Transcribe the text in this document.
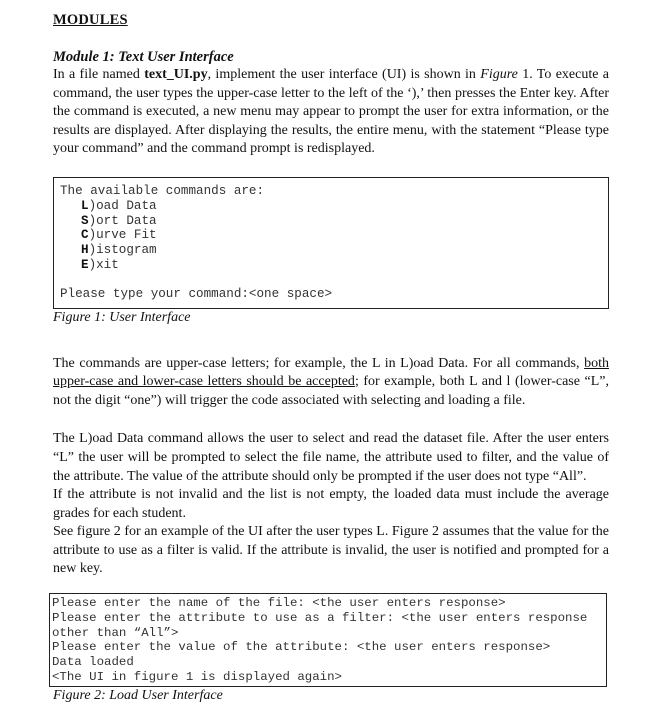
MODULES
Module 1: Text User Interface

In a file named text_UI.py, implement the user interface (UI) is shown in Figure 1. To execute a command, the user types the upper-case letter to the left of the ‘),’ then presses the Enter key. After the command is executed, a new menu may appear to prompt the user for extra information, or the results are displayed. After displaying the results, the entire menu, with the statement “Please type your command” and the command prompt is redisplayed.

The available commands are:
L)oad Data
S)ort Data
C)urve Fit
H)istogram
E)xit
Please type your command:<one space>
Figure 1: User Interface

The commands are upper-case letters; for example, the L in L)oad Data. For all commands, both upper-case and lower-case letters should be accepted; for example, both L and l (lower-case “L”, not the digit “one”) will trigger the code associated with selecting and loading a file.

The L)oad Data command allows the user to select and read the dataset file. After the user enters “L” the user will be prompted to select the file name, the attribute used to filter, and the value of the attribute. The value of the attribute should only be prompted if the user does not type “All”.

If the attribute is not invalid and the list is not empty, the loaded data must include the average grades for each student.

See figure 2 for an example of the UI after the user types L. Figure 2 assumes that the value for the attribute to use as a filter is valid. If the attribute is invalid, the user is notified and prompted for a new key.

Please enter the name of the file: <the user enters response>
Please enter the attribute to use as a filter: <the user enters response other than “All”>
Please enter the value of the attribute: <the user enters response>
Data loaded
<The UI in figure 1 is displayed again>
Figure 2: Load User Interface
